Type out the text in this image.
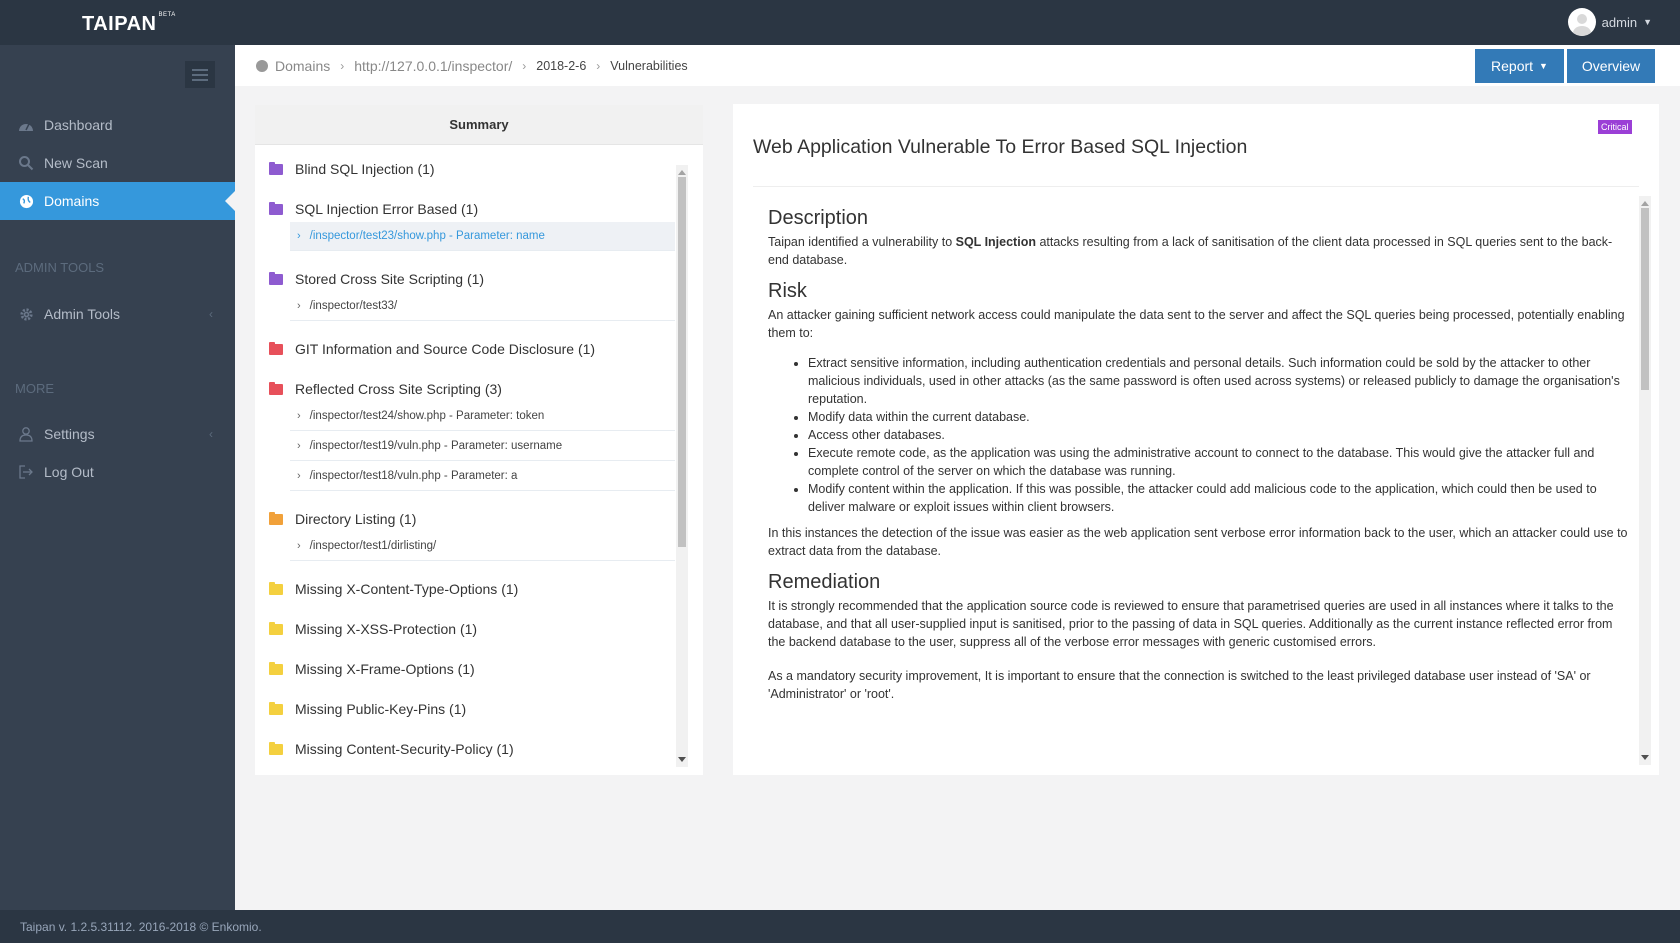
TAIPAN $^{BETA}$	admin ▼
Dashboard
New Scan
Domains
ADMIN TOOLS
Admin Tools	‹
MORE
Settings	‹
Log Out
Domains › http://127.0.0.1/inspector/ › 2018-2-6 › Vulnerabilities	Report ▼ Overview
Summary
Blind SQL Injection (1)
SQL Injection Error Based (1)
› /inspector/test23/show.php - Parameter: name
Stored Cross Site Scripting (1)
› /inspector/test33/
GIT Information and Source Code Disclosure (1)
Reflected Cross Site Scripting (3)
› /inspector/test24/show.php - Parameter: token
› /inspector/test19/vuln.php - Parameter: username
› /inspector/test18/vuln.php - Parameter: a
Directory Listing (1)
› /inspector/test1/dirlisting/
Missing X-Content-Type-Options (1)
Missing X-XSS-Protection (1)
Missing X-Frame-Options (1)
Missing Public-Key-Pins (1)
Missing Content-Security-Policy (1)
Critical
Web Application Vulnerable To Error Based SQL Injection
Description

Taipan identified a vulnerability to SQL Injection attacks resulting from a lack of sanitisation of the client data processed in SQL queries sent to the back-end database.

Risk

An attacker gaining sufficient network access could manipulate the data sent to the server and affect the SQL queries being processed, potentially enabling them to:

• Extract sensitive information, including authentication credentials and personal details. Such information could be sold by the attacker to other malicious individuals, used in other attacks (as the same password is often used across systems) or released publicly to damage the organisation's reputation.
• Modify data within the current database.
• Access other databases.
• Execute remote code, as the application was using the administrative account to connect to the database. This would give the attacker full and complete control of the server on which the database was running.
• Modify content within the application. If this was possible, the attacker could add malicious code to the application, which could then be used to deliver malware or exploit issues within client browsers.

In this instances the detection of the issue was easier as the web application sent verbose error information back to the user, which an attacker could use to extract data from the database.

Remediation

It is strongly recommended that the application source code is reviewed to ensure that parametrised queries are used in all instances where it talks to the database, and that all user-supplied input is sanitised, prior to the passing of data in SQL queries. Additionally as the current instance reflected error from the backend database to the user, suppress all of the verbose error messages with generic customised errors.

As a mandatory security improvement, It is important to ensure that the connection is switched to the least privileged database user instead of 'SA' or 'Administrator' or 'root'.

Taipan v. 1.2.5.31112. 2016-2018 © Enkomio.
